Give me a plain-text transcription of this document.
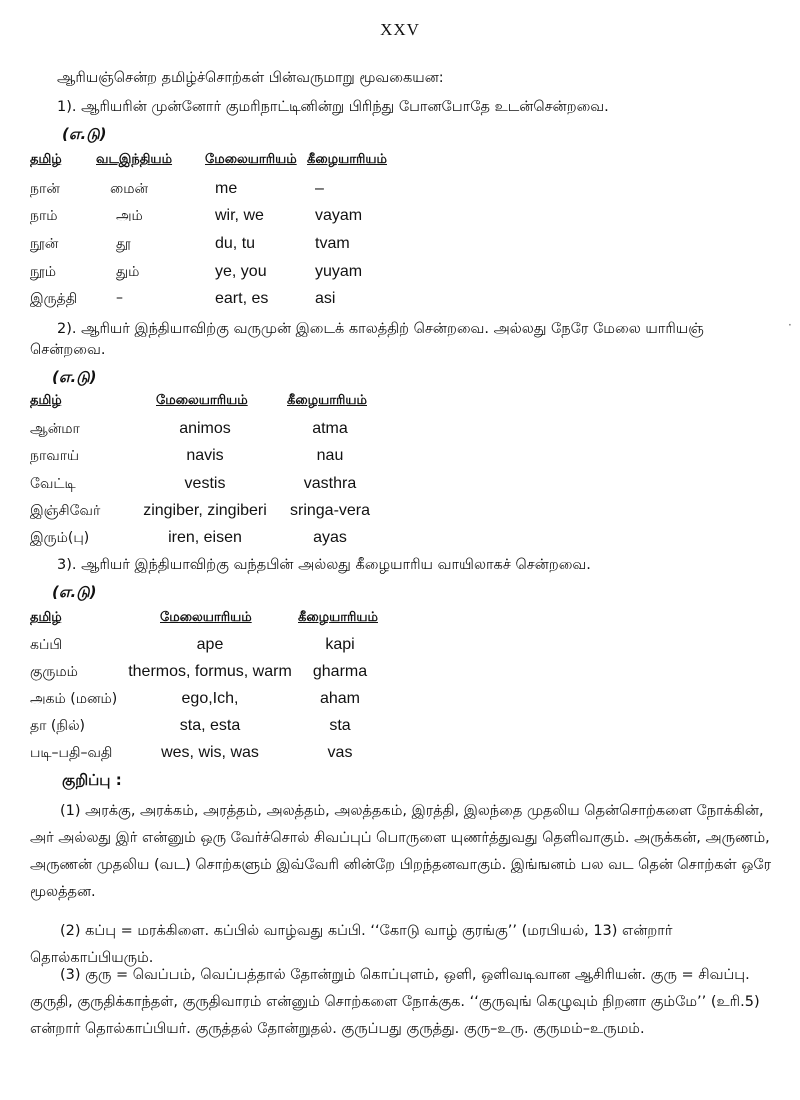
XXV
ஆரியஞ்சென்ற தமிழ்ச்சொற்கள் பின்வருமாறு மூவகையன:
1). ஆரியரின் முன்னோர் குமரிநாட்டினின்று பிரிந்து போனபோதே உடன்சென்றவை.
(எ.டு)
தமிழ்	வடஇந்தியம்	மேலையாரியம் கீழையாரியம்
நான்	மைன்	me	–
நாம்	அம்	wir, we	vayam
நூன்	தூ	du, tu	tvam
நூம்	தும்	ye, you	yuyam
இருத்தி	–	eart, es	asi
2). ஆரியர் இந்தியாவிற்கு வருமுன் இடைக் காலத்திற் சென்றவை. அல்லது நேரே மேலை யாரியஞ்	·
சென்றவை.
(எ.டு)
தமிழ்	மேலையாரியம்	கீழையாரியம்
ஆன்மா	animos	atma
நாவாய்	navis	nau
வேட்டி	vestis	vasthra
இஞ்சிவேர்	zingiber, zingiberi	sringa-vera
இரும்(பு)	iren, eisen	ayas
3). ஆரியர் இந்தியாவிற்கு வந்தபின் அல்லது கீழையாரிய வாயிலாகச் சென்றவை.
(எ.டு)
தமிழ்	மேலையாரியம்	கீழையாரியம்
கப்பி	ape	kapi
குருமம்	thermos, formus, warm	gharma
அகம் (மனம்)	ego,Ich,	aham
தா (நில்)	sta, esta	sta
படி–பதி–வதி	wes, wis, was	vas
குறிப்பு :
(1) அரக்கு, அரக்கம், அரத்தம், அலத்தம், அலத்தகம், இரத்தி, இலந்தை முதலிய தென்சொற்களை நோக்கின், அர் அல்லது இர் என்னும் ஒரு வேர்ச்சொல் சிவப்புப் பொருளை யுணர்த்துவது தெளிவாகும். அருக்கன், அருணம், அருணன் முதலிய (வட) சொற்களும் இவ்வேரி னின்றே பிறந்தனவாகும். இங்ஙனம் பல வட தென் சொற்கள் ஒரே மூலத்தன.
(2) கப்பு = மரக்கிளை. கப்பில் வாழ்வது கப்பி. ‘‘கோடு வாழ் குரங்கு’’ (மரபியல், 13) என்றார் தொல்காப்பியரும்.
(3) குரு = வெப்பம், வெப்பத்தால் தோன்றும் கொப்புளம், ஒளி, ஒளிவடிவான ஆசிரியன். குரு = சிவப்பு. குருதி, குருதிக்காந்தள், குருதிவாரம் என்னும் சொற்களை நோக்குக. ‘‘குருவுங் கெழுவும் நிறனா கும்மே’’ (உரி.5) என்றார் தொல்காப்பியர். குருத்தல் தோன்றுதல். குருப்பது குருத்து. குரு–உரு. குருமம்–உருமம்.
